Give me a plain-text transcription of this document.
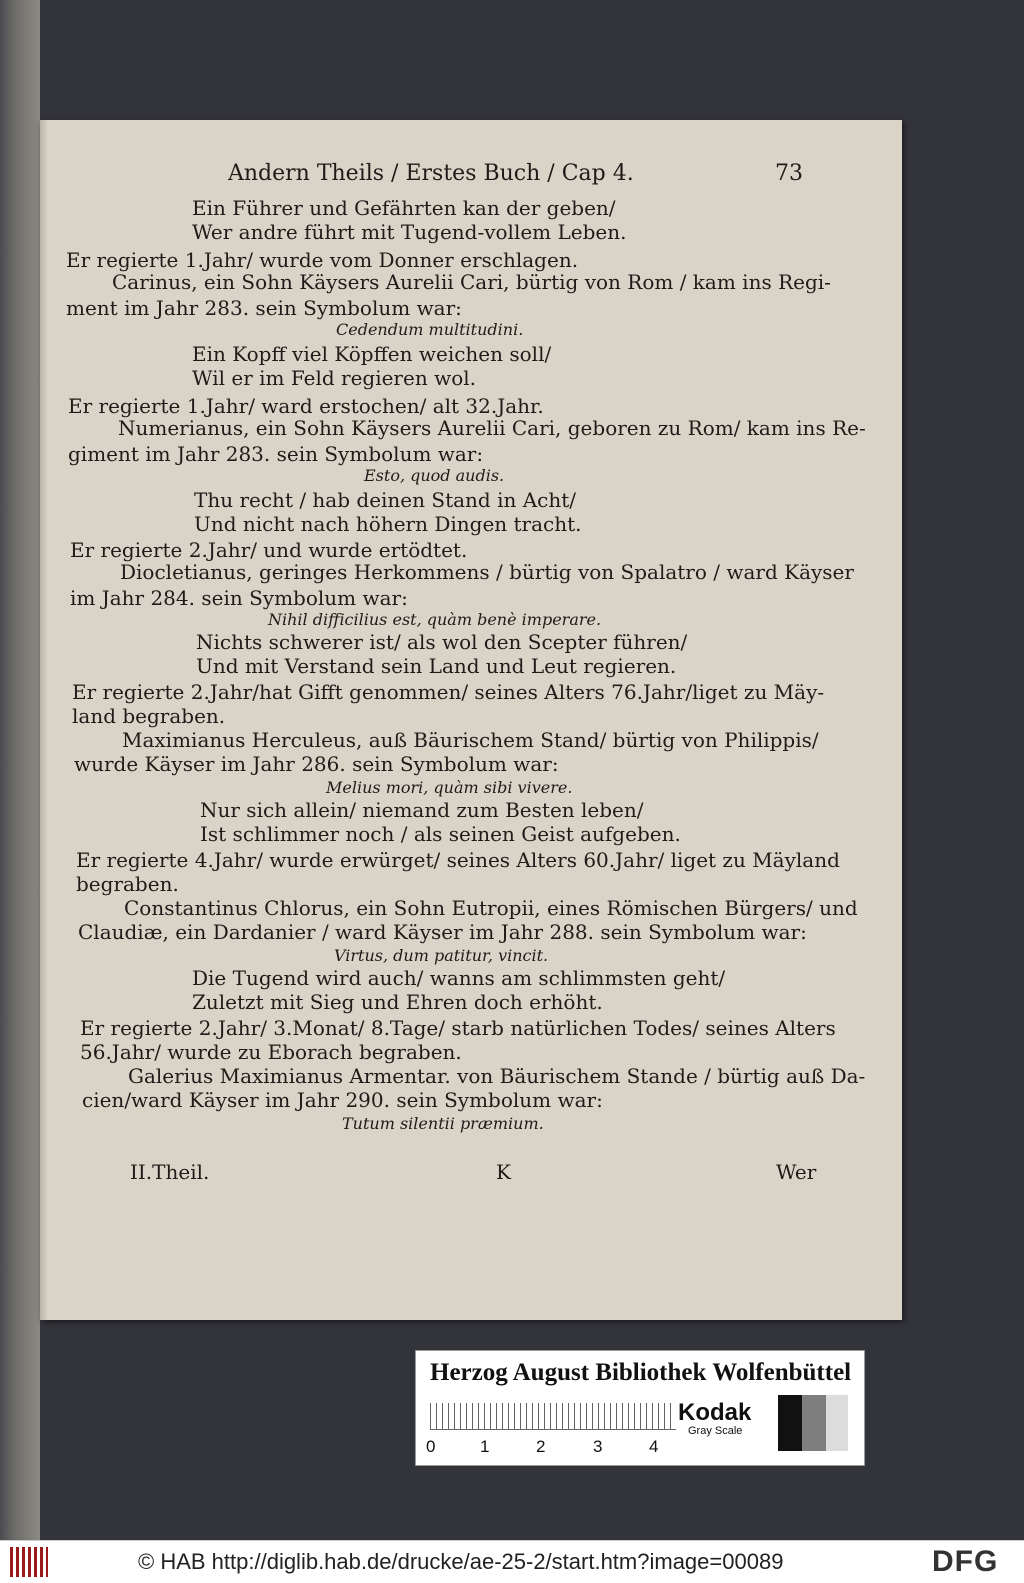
Andern Theils / Erstes Buch / Cap 4.	73
Ein Führer und Gefährten kan der geben/
Wer andre führt mit Tugend-vollem Leben.
Er regierte 1.Jahr/ wurde vom Donner erschlagen.
Carinus, ein Sohn Käysers Aurelii Cari, bürtig von Rom / kam ins Regi-
ment im Jahr 283. sein Symbolum war:
Cedendum multitudini.
Ein Kopff viel Köpffen weichen soll/
Wil er im Feld regieren wol.
Er regierte 1.Jahr/ ward erstochen/ alt 32.Jahr.
Numerianus, ein Sohn Käysers Aurelii Cari, geboren zu Rom/ kam ins Re-
giment im Jahr 283. sein Symbolum war:
Esto, quod audis.
Thu recht / hab deinen Stand in Acht/
Und nicht nach höhern Dingen tracht.
Er regierte 2.Jahr/ und wurde ertödtet.
Diocletianus, geringes Herkommens / bürtig von Spalatro / ward Käyser
im Jahr 284. sein Symbolum war:
Nihil difficilius est, quàm benè imperare.
Nichts schwerer ist/ als wol den Scepter führen/
Und mit Verstand sein Land und Leut regieren.
Er regierte 2.Jahr/hat Gifft genommen/ seines Alters 76.Jahr/liget zu Mäy-
land begraben.
Maximianus Herculeus, auß Bäurischem Stand/ bürtig von Philippis/
wurde Käyser im Jahr 286. sein Symbolum war:
Melius mori, quàm sibi vivere.
Nur sich allein/ niemand zum Besten leben/
Ist schlimmer noch / als seinen Geist aufgeben.
Er regierte 4.Jahr/ wurde erwürget/ seines Alters 60.Jahr/ liget zu Mäyland
begraben.
Constantinus Chlorus, ein Sohn Eutropii, eines Römischen Bürgers/ und
Claudiæ, ein Dardanier / ward Käyser im Jahr 288. sein Symbolum war:
Virtus, dum patitur, vincit.
Die Tugend wird auch/ wanns am schlimmsten geht/
Zuletzt mit Sieg und Ehren doch erhöht.
Er regierte 2.Jahr/ 3.Monat/ 8.Tage/ starb natürlichen Todes/ seines Alters
56.Jahr/ wurde zu Eborach begraben.
Galerius Maximianus Armentar. von Bäurischem Stande / bürtig auß Da-
cien/ward Käyser im Jahr 290. sein Symbolum war:
Tutum silentii præmium.
II.Theil.	K	Wer
Herzog August Bibliothek Wolfenbüttel
0	1	2	3	4
Kodak
Gray Scale
© HAB http://diglib.hab.de/drucke/ae-25-2/start.htm?image=00089	DFG
